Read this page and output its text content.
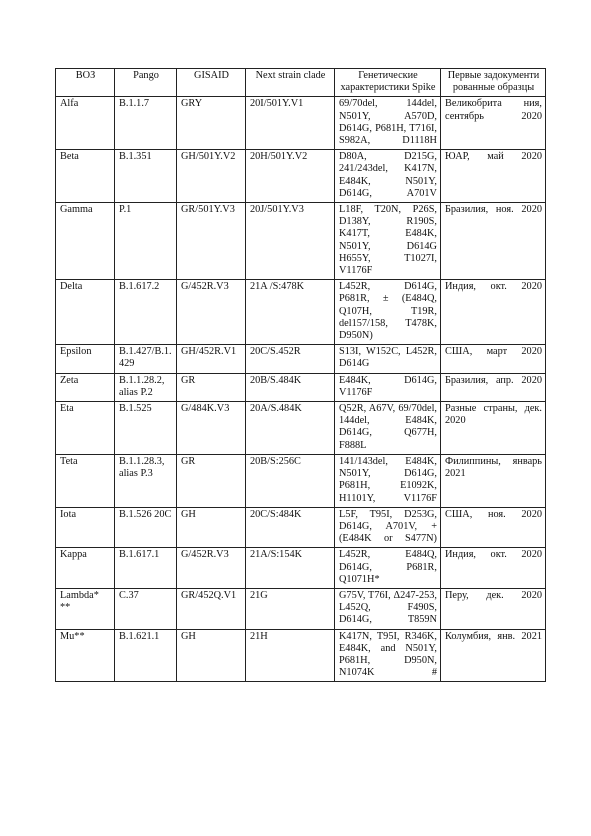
ВОЗ	Pango	GISAID	Next strain clade	Генетические характеристики Spike	Первые задокументи рованные образцы
Alfa	B.1.1.7	GRY	20I/501Y.V1	69/70del, 144del, N501Y, A570D, D614G, P681H, T716I, S982A, D1118H	Великобрита ния, сентябрь 2020
Beta	B.1.351	GH/501Y.V2	20H/501Y.V2	D80A, D215G, 241/243del, K417N, E484K, N501Y, D614G, A701V	ЮАР, май 2020
Gamma	P.1	GR/501Y.V3	20J/501Y.V3	L18F, T20N, P26S, D138Y, R190S, K417T, E484K, N501Y, D614G H655Y, T1027I, V1176F	Бразилия, ноя. 2020
Delta	B.1.617.2	G/452R.V3	21A /S:478K	L452R, D614G, P681R, ± (E484Q, Q107H, T19R, del157/158, T478K, D950N)	Индия, окт. 2020
Epsilon	B.1.427/B.1.429	GH/452R.V1	20C/S.452R	S13I, W152C, L452R, D614G	США, март 2020
Zeta	B.1.1.28.2, alias P.2	GR	20B/S.484K	E484K, D614G, V1176F	Бразилия, апр. 2020
Eta	B.1.525	G/484K.V3	20A/S.484K	Q52R, A67V, 69/70del, 144del, E484K, D614G, Q677H, F888L	Разные страны, дек. 2020
Teta	B.1.1.28.3, alias P.3	GR	20B/S:256C	141/143del, E484K, N501Y, D614G, P681H, E1092K, H1101Y, V1176F	Филиппины, январь 2021
Iota	B.1.526 20C	GH	20C/S:484K	L5F, T95I, D253G, D614G, A701V, + (E484K or S477N)	США, ноя. 2020
Kappa	B.1.617.1	G/452R.V3	21A/S:154K	L452R, E484Q, D614G, P681R, Q1071H*	Индия, окт. 2020
Lambda* **	C.37	GR/452Q.V1	21G	G75V, T76I, Δ247-253, L452Q, F490S, D614G, T859N	Перу, дек. 2020
Mu**	B.1.621.1	GH	21H	K417N, T95I, R346K, E484K, and N501Y, P681H, D950N, N1074K #	Колумбия, янв. 2021
